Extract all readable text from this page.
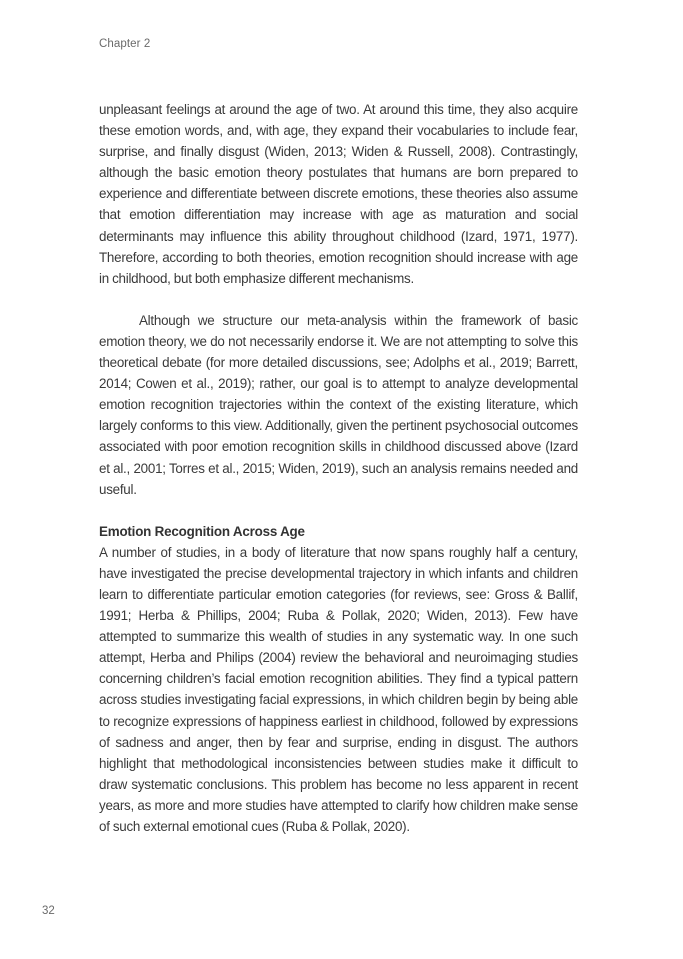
Chapter 2

unpleasant feelings at around the age of two. At around this time, they also acquire these emotion words, and, with age, they expand their vocabularies to include fear, surprise, and finally disgust (Widen, 2013; Widen & Russell, 2008). Contrastingly, although the basic emotion theory postulates that humans are born prepared to experience and differentiate between discrete emotions, these theories also assume that emotion differentiation may increase with age as maturation and social determinants may influence this ability throughout childhood (Izard, 1971, 1977). Therefore, according to both theories, emotion recognition should increase with age in childhood, but both emphasize different mechanisms.

Although we structure our meta-analysis within the framework of basic emotion theory, we do not necessarily endorse it. We are not attempting to solve this theoretical debate (for more detailed discussions, see; Adolphs et al., 2019; Barrett, 2014; Cowen et al., 2019); rather, our goal is to attempt to analyze developmental emotion recognition trajectories within the context of the existing literature, which largely conforms to this view. Additionally, given the pertinent psychosocial outcomes associated with poor emotion recognition skills in childhood discussed above (Izard et al., 2001; Torres et al., 2015; Widen, 2019), such an analysis remains needed and useful.

Emotion Recognition Across Age

A number of studies, in a body of literature that now spans roughly half a century, have investigated the precise developmental trajectory in which infants and children learn to differentiate particular emotion categories (for reviews, see: Gross & Ballif, 1991; Herba & Phillips, 2004; Ruba & Pollak, 2020; Widen, 2013). Few have attempted to summarize this wealth of studies in any systematic way. In one such attempt, Herba and Philips (2004) review the behavioral and neuroimaging studies concerning children’s facial emotion recognition abilities. They find a typical pattern across studies investigating facial expressions, in which children begin by being able to recognize expressions of happiness earliest in childhood, followed by expressions of sadness and anger, then by fear and surprise, ending in disgust. The authors highlight that methodological inconsistencies between studies make it difficult to draw systematic conclusions. This problem has become no less apparent in recent years, as more and more studies have attempted to clarify how children make sense of such external emotional cues (Ruba & Pollak, 2020).

32
